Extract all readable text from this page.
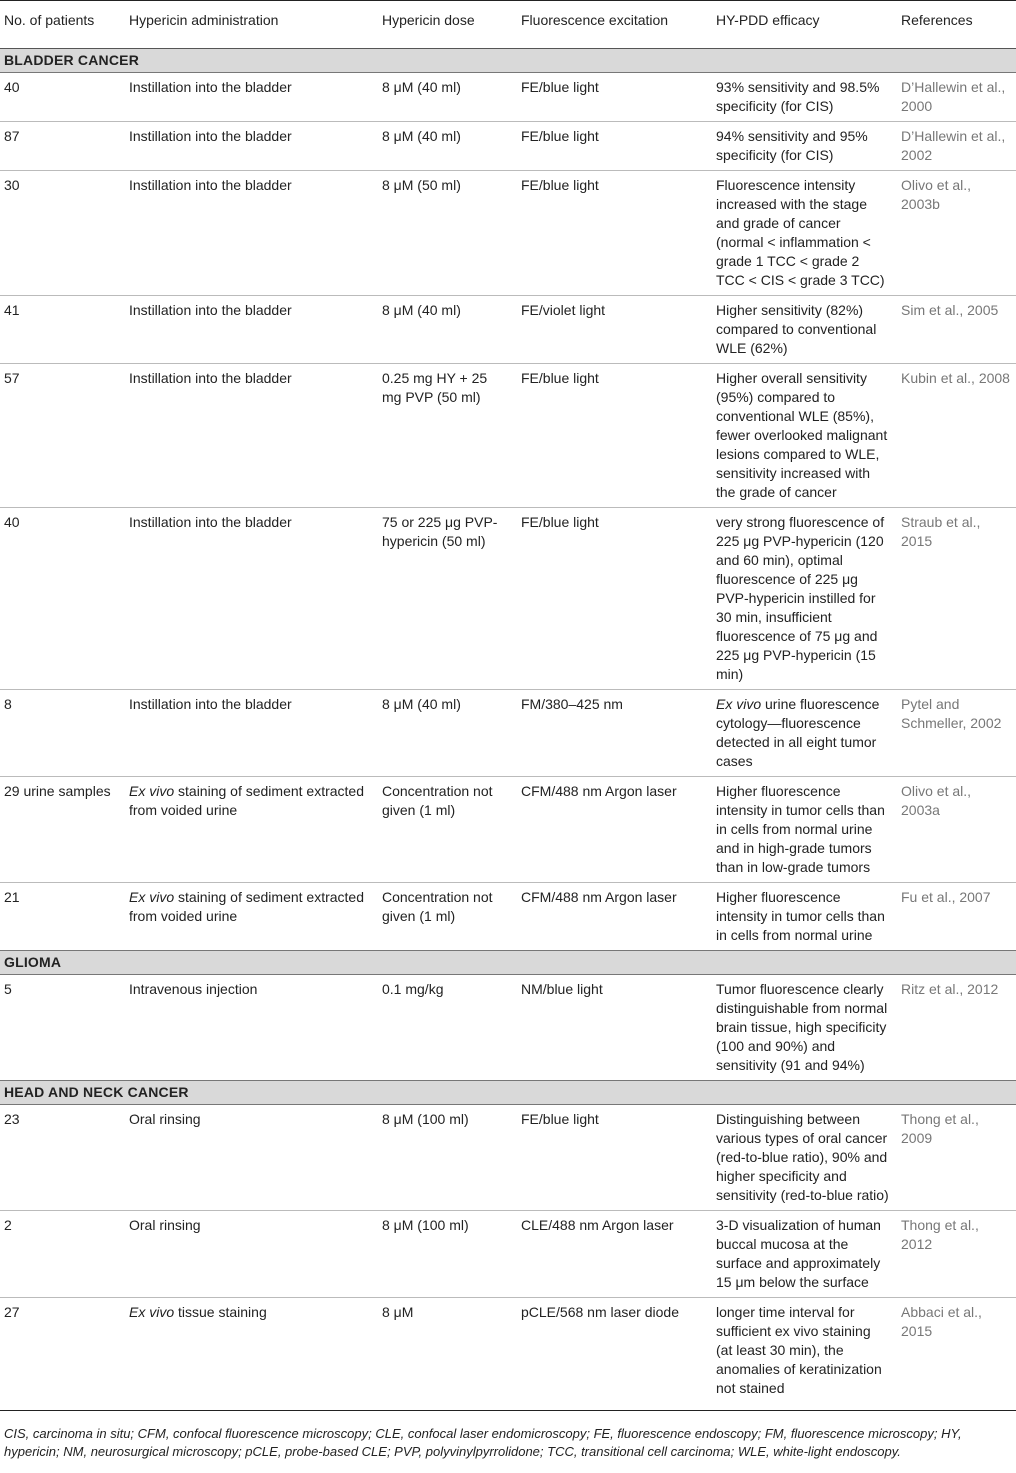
No. of patients	Hypericin administration	Hypericin dose	Fluorescence excitation	HY-PDD efficacy	References
BLADDER CANCER					
40	Instillation into the bladder	8 μM (40 ml)	FE/blue light	93% sensitivity and 98.5% specificity (for CIS)	D’Hallewin et al., 2000
87	Instillation into the bladder	8 μM (40 ml)	FE/blue light	94% sensitivity and 95% specificity (for CIS)	D’Hallewin et al., 2002
30	Instillation into the bladder	8 μM (50 ml)	FE/blue light	Fluorescence intensity increased with the stage and grade of cancer (normal < inflammation < grade 1 TCC < grade 2 TCC < CIS < grade 3 TCC)	Olivo et al., 2003b
41	Instillation into the bladder	8 μM (40 ml)	FE/violet light	Higher sensitivity (82%) compared to conventional WLE (62%)	Sim et al., 2005
57	Instillation into the bladder	0.25 mg HY + 25 mg PVP (50 ml)	FE/blue light	Higher overall sensitivity (95%) compared to conventional WLE (85%), fewer overlooked malignant lesions compared to WLE, sensitivity increased with the grade of cancer	Kubin et al., 2008
40	Instillation into the bladder	75 or 225 μg PVP-hypericin (50 ml)	FE/blue light	very strong fluorescence of 225 μg PVP-hypericin (120 and 60 min), optimal fluorescence of 225 μg PVP-hypericin instilled for 30 min, insufficient fluorescence of 75 μg and 225 μg PVP-hypericin (15 min)	Straub et al., 2015
8	Instillation into the bladder	8 μM (40 ml)	FM/380–425 nm	Ex vivo urine fluorescence cytology—fluorescence detected in all eight tumor cases	Pytel and Schmeller, 2002
29 urine samples	Ex vivo staining of sediment extracted from voided urine	Concentration not given (1 ml)	CFM/488 nm Argon laser	Higher fluorescence intensity in tumor cells than in cells from normal urine and in high-grade tumors than in low-grade tumors	Olivo et al., 2003a
21	Ex vivo staining of sediment extracted from voided urine	Concentration not given (1 ml)	CFM/488 nm Argon laser	Higher fluorescence intensity in tumor cells than in cells from normal urine	Fu et al., 2007
GLIOMA					
5	Intravenous injection	0.1 mg/kg	NM/blue light	Tumor fluorescence clearly distinguishable from normal brain tissue, high specificity (100 and 90%) and sensitivity (91 and 94%)	Ritz et al., 2012
HEAD AND NECK CANCER					
23	Oral rinsing	8 μM (100 ml)	FE/blue light	Distinguishing between various types of oral cancer (red-to-blue ratio), 90% and higher specificity and sensitivity (red-to-blue ratio)	Thong et al., 2009
2	Oral rinsing	8 μM (100 ml)	CLE/488 nm Argon laser	3-D visualization of human buccal mucosa at the surface and approximately 15 μm below the surface	Thong et al., 2012
27	Ex vivo tissue staining	8 μM	pCLE/568 nm laser diode	longer time interval for sufficient ex vivo staining (at least 30 min), the anomalies of keratinization not stained	Abbaci et al., 2015
CIS, carcinoma in situ; CFM, confocal fluorescence microscopy; CLE, confocal laser endomicroscopy; FE, fluorescence endoscopy; FM, fluorescence microscopy; HY, hypericin; NM, neurosurgical microscopy; pCLE, probe-based CLE; PVP, polyvinylpyrrolidone; TCC, transitional cell carcinoma; WLE, white-light endoscopy.
